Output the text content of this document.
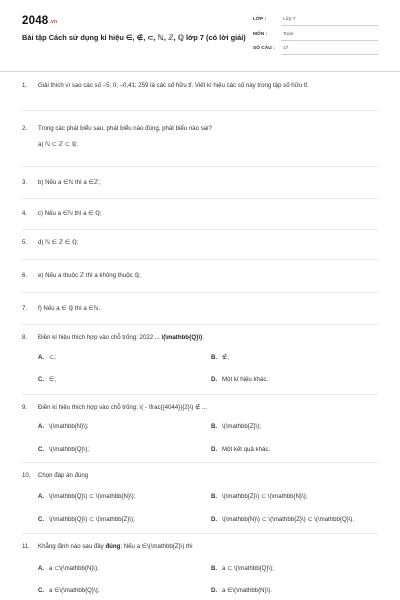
$2048^{.vn}$
Bài tập Cách sử dụng kí hiệu ∈, ∉, ⊂, ℕ, ℤ, ℚ lớp 7 (có lời giải)
LỚP :	Lớp 7
MÔN :	Toán
SỐ CÂU : 17
1. Giải thích vì sao các số –5; 0; –0,41; 259 là các số hữu tỉ. Viết kí hiệu các số này trong tập số hữu tỉ.
2. Trong các phát biểu sau, phát biểu nào đúng, phát biểu nào sai?
a) ℕ ⊂ ℤ ⊂ ℚ;
3. b) Nếu a ∈ℕ thì a ∈ℤ;
4. c) Nếu a ∈ℕ thì a ∈ ℚ;
5. d) ℕ ∈ ℤ ∈ ℚ;
6. e) Nếu a thuộc ℤ thì a không thuộc ℚ;
7. f) Nếu a ∈ ℚ thì a ∈ℕ.
8. Điền kí hiệu thích hợp vào chỗ trống: 2022 ... \(\mathbb{Q}\):
A. ⊂;	B. ∉;
C. ∈;	D. Một kí hiệu khác.
9. Điền kí hiệu thích hợp vào chỗ trống: \( - \frac{{4044}}{2}\) ∉ ...
A. \(\mathbb{N}\);	B. \(\mathbb{Z}\);
C. \(\mathbb{Q}\);	D. Một kết quả khác.
10. Chọn đáp án đúng
A. \(\mathbb{Q}\) ⊂ \(\mathbb{N}\);	B. \(\mathbb{Z}\) ⊂ \(\mathbb{N}\);
C. \(\mathbb{Q}\) ⊂ \(\mathbb{Z}\);	D. \(\mathbb{N}\) ⊂ \(\mathbb{Z}\) ⊂ \(\mathbb{Q}\).
11. Khẳng định nào sau đây đúng: Nếu a ∈\(\mathbb{Z}\) thì
A. a ⊂\(\mathbb{N}\);	B. a ⊂ \(\mathbb{Q}\);
C. a ∈\(\mathbb{Q}\);	D. a ∈\(\mathbb{N}\).
